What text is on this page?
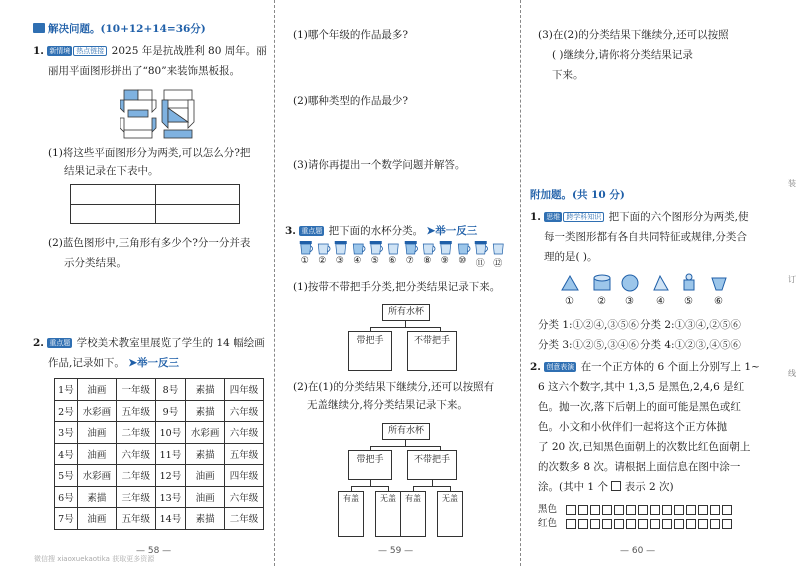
解决问题。(10+12+14=36分)
1. 新情境 热点链接 2025 年是抗战胜利 80 周年。丽
丽用平面图形拼出了“80”来装饰黑板报。
(1)将这些平面图形分为两类,可以怎么分?把
结果记录在下表中。

(2)蓝色图形中,三角形有多少个?分一分并表
示分类结果。
2. 重点题 学校美术教室里展览了学生的 14 幅绘画
作品,记录如下。 ➤举一反三
1号	油画	一年级	8号	素描	四年级
2号	水彩画	五年级	9号	素描	六年级
3号	油画	二年级	10号	水彩画	六年级
4号	油画	六年级	11号	素描	五年级
5号	水彩画	二年级	12号	油画	四年级
6号	素描	三年级	13号	油画	六年级
7号	油画	五年级	14号	素描	二年级
— 58 —
微信搜 xiaoxuekaotika 获取更多资源
(1)哪个年级的作品最多?
(2)哪种类型的作品最少?
(3)请你再提出一个数学问题并解答。
3. 重点题 把下面的水杯分类。 ➤举一反三
① ② ③ ④ ⑤ ⑥ ⑦ ⑧ ⑨ ⑩ ⑪ ⑫
(1)按带不带把手分类,把分类结果记录下来。
所有水杯
带把手	不带把手
(2)在(1)的分类结果下继续分,还可以按照有
无盖继续分,将分类结果记录下来。
所有水杯
带把手	不带把手
有盖	无盖	有盖	无盖
— 59 —
(3)在(2)的分类结果下继续分,还可以按照
( )继续分,请你将分类结果记录
下来。
附加题。(共 10 分)
1. 思维 跨学科知识 把下面的六个图形分为两类,使
每一类图形都有各自共同特征或规律,分类合
理的是( )。
① ② ③ ④ ⑤ ⑥
分类 1:①②④,③⑤⑥ 分类 2:①③④,②⑤⑥
分类 3:①②⑤,③④⑥ 分类 4:①②③,④⑤⑥
2. 创意表演 在一个正方体的 6 个面上分别写上 1~
6 这六个数字,其中 1,3,5 是黑色,2,4,6 是红
色。抛一次,落下后朝上的面可能是黑色或红
色。小文和小伙伴们一起将这个正方体抛
了 20 次,已知黑色面朝上的次数比红色面朝上
的次数多 8 次。请根据上面信息在图中涂一
涂。(其中 1 个 表示 2 次)
黑色
红色
— 60 —
装
订
线
